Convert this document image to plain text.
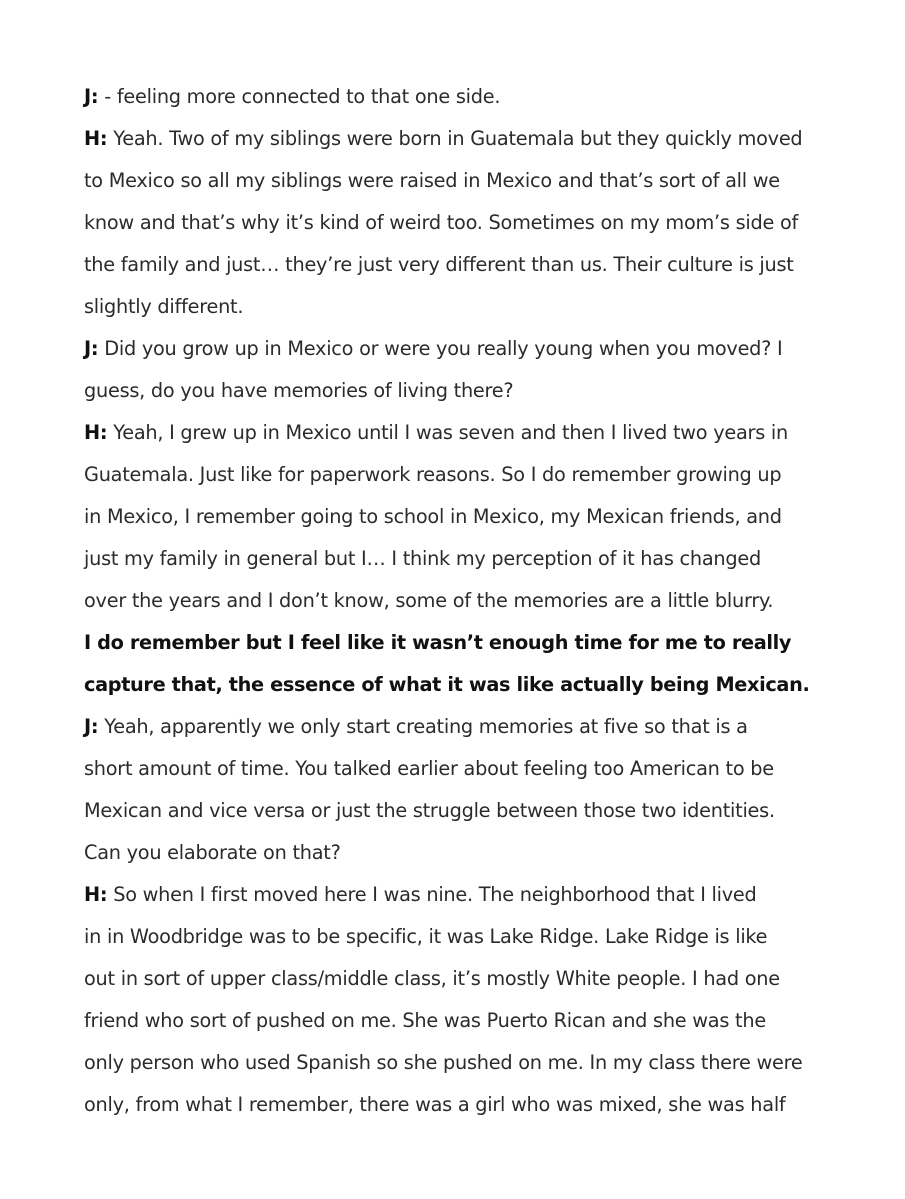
J: - feeling more connected to that one side.
H: Yeah. Two of my siblings were born in Guatemala but they quickly moved
to Mexico so all my siblings were raised in Mexico and that’s sort of all we
know and that’s why it’s kind of weird too. Sometimes on my mom’s side of
the family and just… they’re just very different than us. Their culture is just
slightly different.
J: Did you grow up in Mexico or were you really young when you moved? I
guess, do you have memories of living there?
H: Yeah, I grew up in Mexico until I was seven and then I lived two years in
Guatemala. Just like for paperwork reasons. So I do remember growing up
in Mexico, I remember going to school in Mexico, my Mexican friends, and
just my family in general but I… I think my perception of it has changed
over the years and I don’t know, some of the memories are a little blurry.
I do remember but I feel like it wasn’t enough time for me to really
capture that, the essence of what it was like actually being Mexican.
J: Yeah, apparently we only start creating memories at five so that is a
short amount of time. You talked earlier about feeling too American to be
Mexican and vice versa or just the struggle between those two identities.
Can you elaborate on that?
H: So when I first moved here I was nine. The neighborhood that I lived
in in Woodbridge was to be specific, it was Lake Ridge. Lake Ridge is like
out in sort of upper class/middle class, it’s mostly White people. I had one
friend who sort of pushed on me. She was Puerto Rican and she was the
only person who used Spanish so she pushed on me. In my class there were
only, from what I remember, there was a girl who was mixed, she was half
